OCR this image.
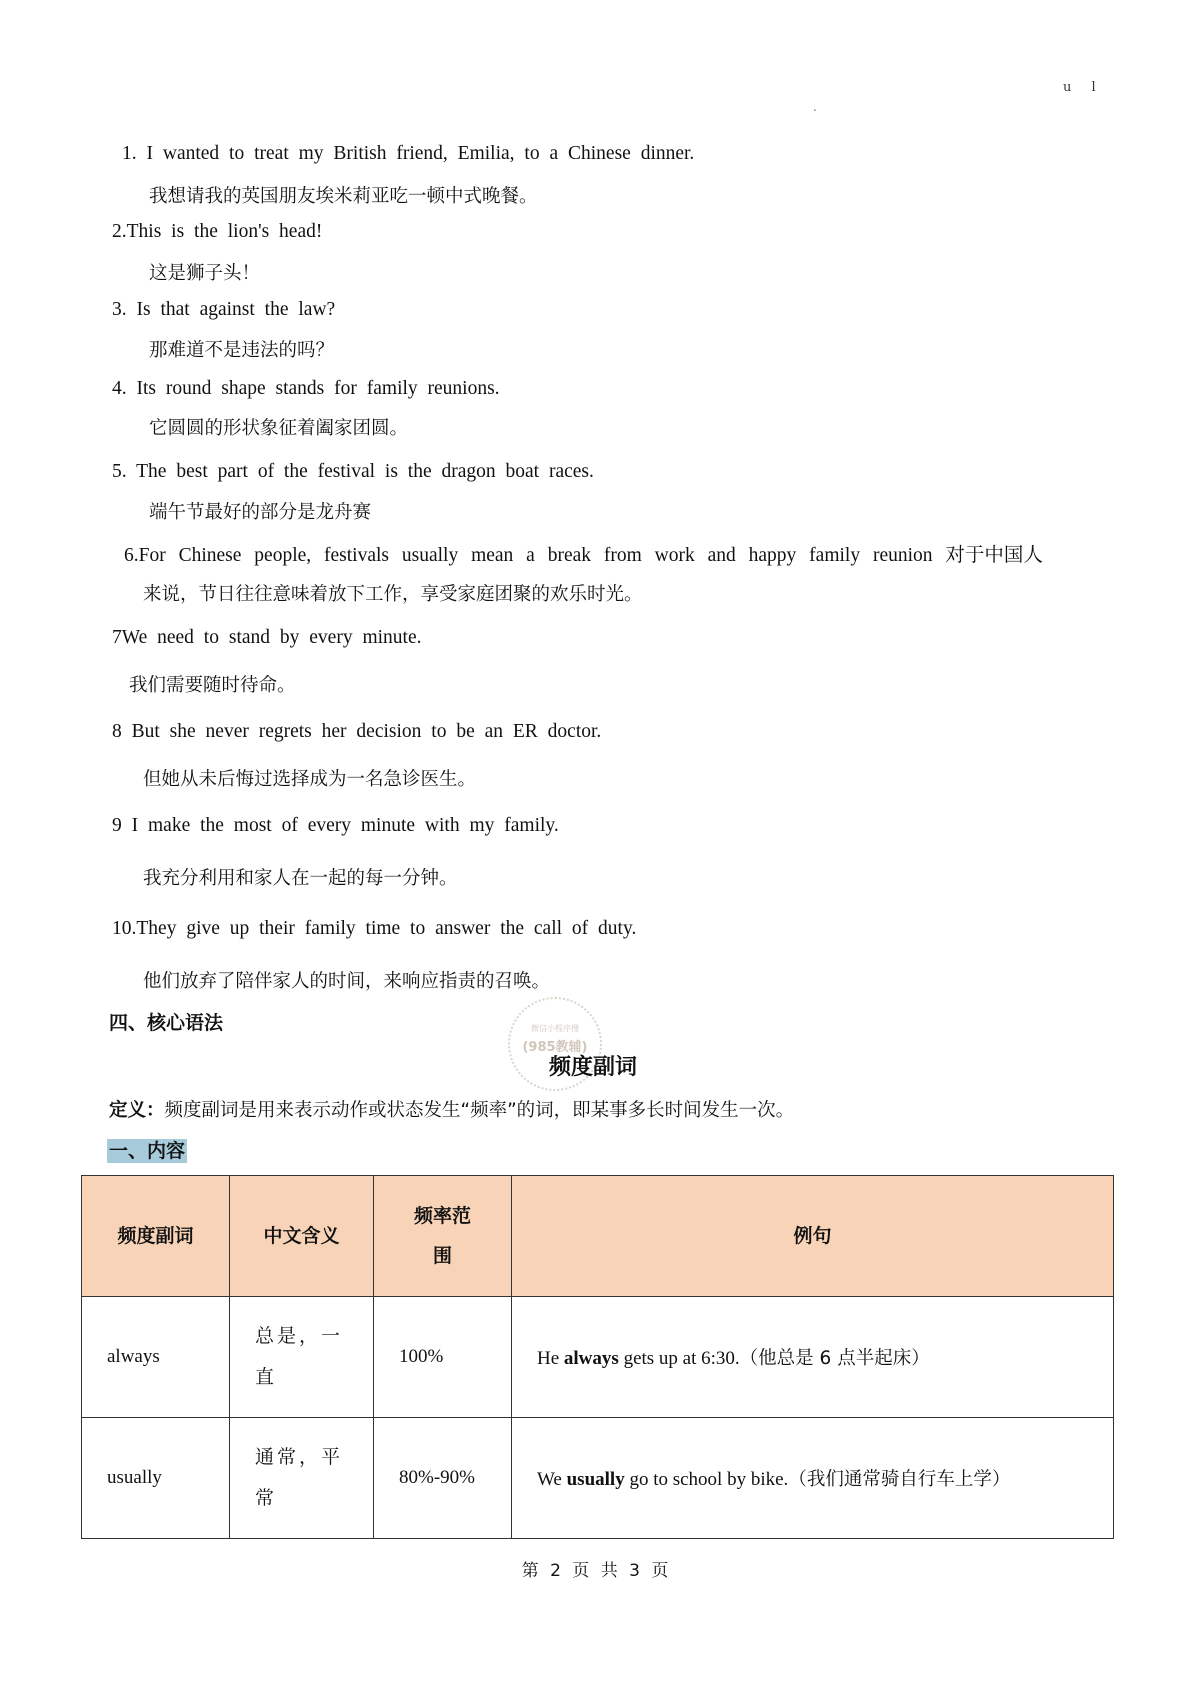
u l
.
1. I wanted to treat my British friend, Emilia, to a Chinese dinner.
我想请我的英国朋友埃米莉亚吃一顿中式晚餐。
2.This is the lion's head!
这是狮子头！
3. Is that against the law?
那难道不是违法的吗？
4. Its round shape stands for family reunions.
它圆圆的形状象征着阖家团圆。
5. The best part of the festival is the dragon boat races.
端午节最好的部分是龙舟赛
6.For Chinese people, festivals usually mean a break from work and happy family reunion 对于中国人
来说，节日往往意味着放下工作，享受家庭团聚的欢乐时光。
7We need to stand by every minute.
我们需要随时待命。
8 But she never regrets her decision to be an ER doctor.
但她从未后悔过选择成为一名急诊医生。
9 I make the most of every minute with my family.
我充分利用和家人在一起的每一分钟。
10.They give up their family time to answer the call of duty.
他们放弃了陪伴家人的时间，来响应指责的召唤。
四、核心语法	微信小程序搜
(985教辅)
频度副词
定义：频度副词是用来表示动作或状态发生“频率”的词，即某事多长时间发生一次。
一、内容
频度副词	中文含义	频率范围	例句
always	总是，一直	100%	He always gets up at 6:30.（他总是 6 点半起床）
usually	通常，平常	80%-90%	We usually go to school by bike.（我们通常骑自行车上学）
第 2 页 共 3 页
